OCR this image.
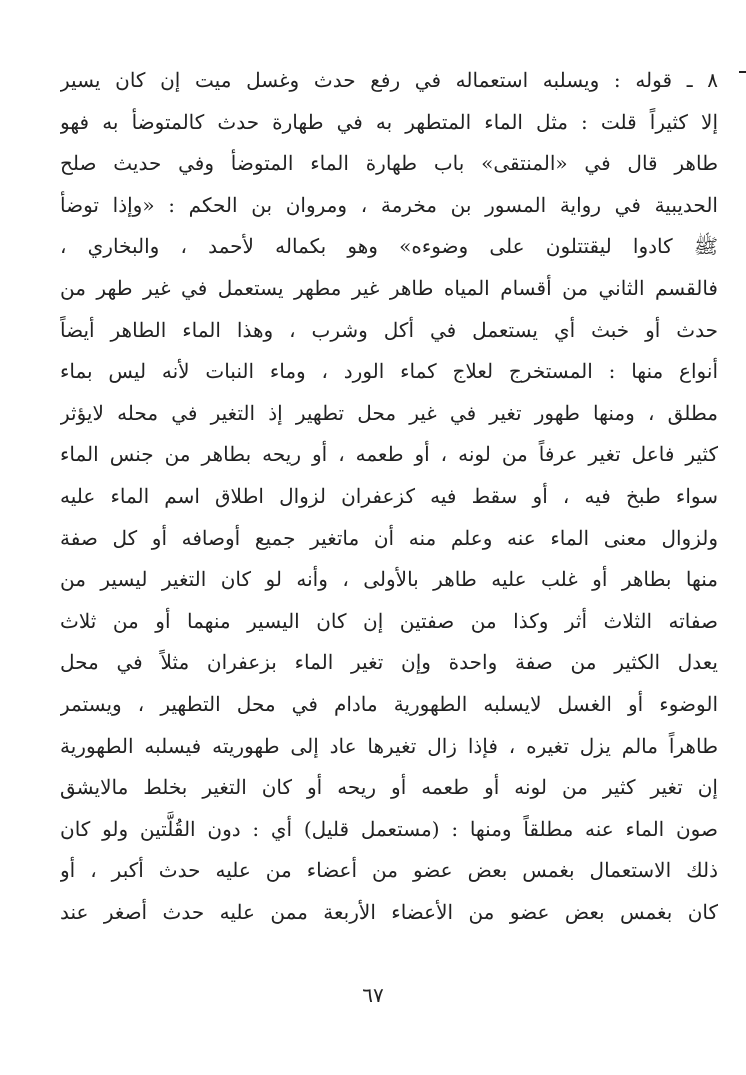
٨ ـ قوله : ويسلبه استعماله في رفع حدث وغسل ميت إن كان يسير
إلا كثيراً قلت : مثل الماء المتطهر به في طهارة حدث كالمتوضأ به فهو
طاهر قال في «المنتقى» باب طهارة الماء المتوضأ وفي حديث صلح
الحديبية في رواية المسور بن مخرمة ، ومروان بن الحكم : «وإذا توضأ
ﷺ كادوا ليقتتلون على وضوءه» وهو بكماله لأحمد ، والبخاري ،
فالقسم الثاني من أقسام المياه طاهر غير مطهر يستعمل في غير طهر من
حدث أو خبث أي يستعمل في أكل وشرب ، وهذا الماء الطاهر أيضاً
أنواع منها : المستخرج لعلاج كماء الورد ، وماء النبات لأنه ليس بماء
مطلق ، ومنها طهور تغير في غير محل تطهير إذ التغير في محله لايؤثر
كثير فاعل تغير عرفاً من لونه ، أو طعمه ، أو ريحه بطاهر من جنس الماء
سواء طبخ فيه ، أو سقط فيه كزعفران لزوال اطلاق اسم الماء عليه
ولزوال معنى الماء عنه وعلم منه أن ماتغير جميع أوصافه أو كل صفة
منها بطاهر أو غلب عليه طاهر بالأولى ، وأنه لو كان التغير ليسير من
صفاته الثلاث أثر وكذا من صفتين إن كان اليسير منهما أو من ثلاث
يعدل الكثير من صفة واحدة وإن تغير الماء بزعفران مثلاً في محل
الوضوء أو الغسل لايسلبه الطهورية مادام في محل التطهير ، ويستمر
طاهراً مالم يزل تغيره ، فإذا زال تغيرها عاد إلى طهوريته فيسلبه الطهورية
إن تغير كثير من لونه أو طعمه أو ريحه أو كان التغير بخلط مالايشق
صون الماء عنه مطلقاً ومنها : (مستعمل قليل) أي : دون القُلَّتين ولو كان
ذلك الاستعمال بغمس بعض عضو من أعضاء من عليه حدث أكبر ، أو
كان بغمس بعض عضو من الأعضاء الأربعة ممن عليه حدث أصغر عند
٦٧
